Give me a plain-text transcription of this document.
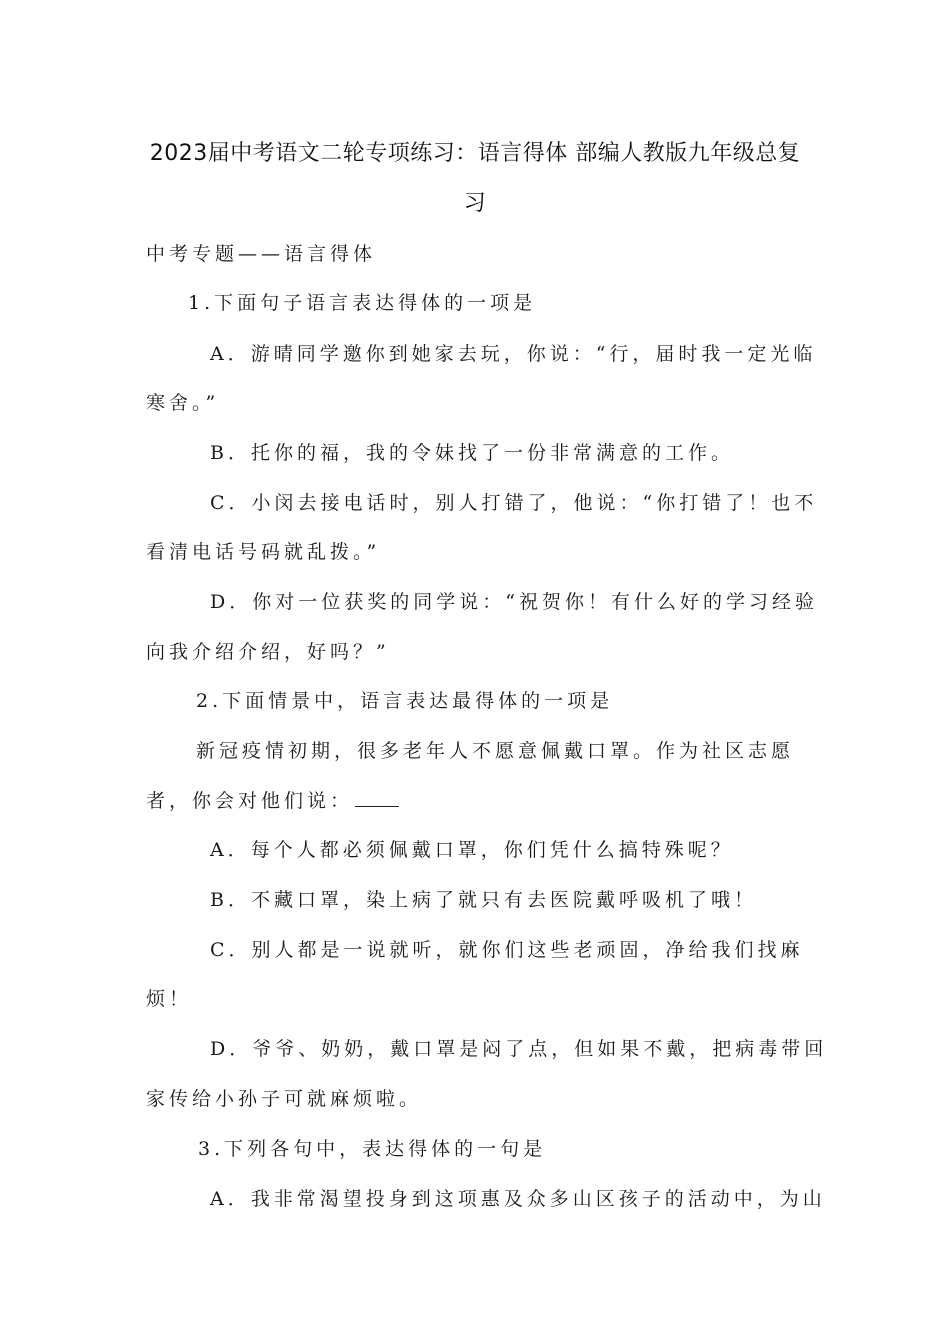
2023届中考语文二轮专项练习：语言得体 部编人教版九年级总复
习
中考专题——语言得体
1.下面句子语言表达得体的一项是
A．游晴同学邀你到她家去玩，你说：“行，届时我一定光临
寒舍。”
B．托你的福，我的令妹找了一份非常满意的工作。
C．小闵去接电话时，别人打错了，他说：“你打错了！也不
看清电话号码就乱拨。”
D．你对一位获奖的同学说：“祝贺你！有什么好的学习经验
向我介绍介绍，好吗？”
2.下面情景中，语言表达最得体的一项是
新冠疫情初期，很多老年人不愿意佩戴口罩。作为社区志愿
者，你会对他们说：
A．每个人都必须佩戴口罩，你们凭什么搞特殊呢？
B．不藏口罩，染上病了就只有去医院戴呼吸机了哦！
C．别人都是一说就听，就你们这些老顽固，净给我们找麻
烦！
D．爷爷、奶奶，戴口罩是闷了点，但如果不戴，把病毒带回
家传给小孙子可就麻烦啦。
3.下列各句中，表达得体的一句是
A．我非常渴望投身到这项惠及众多山区孩子的活动中，为山
